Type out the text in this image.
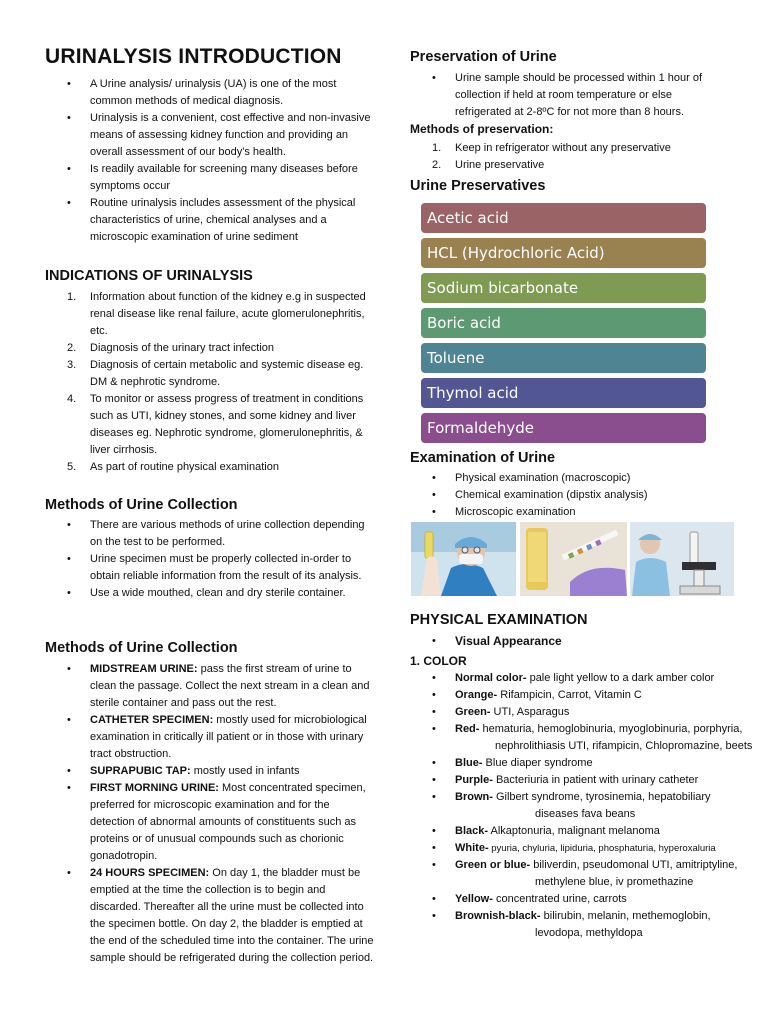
URINALYSIS INTRODUCTION
• A Urine analysis/ urinalysis (UA) is one of the most common methods of medical diagnosis.
• Urinalysis is a convenient, cost effective and non-invasive means of assessing kidney function and providing an overall assessment of our body's health.
• Is readily available for screening many diseases before symptoms occur
• Routine urinalysis includes assessment of the physical characteristics of urine, chemical analyses and a microscopic examination of urine sediment
INDICATIONS OF URINALYSIS
1. Information about function of the kidney e.g in suspected renal disease like renal failure, acute glomerulonephritis, etc.
2. Diagnosis of the urinary tract infection
3. Diagnosis of certain metabolic and systemic disease eg. DM & nephrotic syndrome.
4. To monitor or assess progress of treatment in conditions such as UTI, kidney stones, and some kidney and liver diseases eg. Nephrotic syndrome, glomerulonephritis, & liver cirrhosis.
5. As part of routine physical examination
Methods of Urine Collection
• There are various methods of urine collection depending on the test to be performed.
• Urine specimen must be properly collected in-order to obtain reliable information from the result of its analysis.
• Use a wide mouthed, clean and dry sterile container.
Methods of Urine Collection
• MIDSTREAM URINE: pass the first stream of urine to clean the passage. Collect the next stream in a clean and sterile container and pass out the rest.
• CATHETER SPECIMEN: mostly used for microbiological examination in critically ill patient or in those with urinary tract obstruction.
• SUPRAPUBIC TAP: mostly used in infants
• FIRST MORNING URINE: Most concentrated specimen, preferred for microscopic examination and for the detection of abnormal amounts of constituents such as proteins or of unusual compounds such as chorionic gonadotropin.
• 24 HOURS SPECIMEN: On day 1, the bladder must be emptied at the time the collection is to begin and discarded. Thereafter all the urine must be collected into the specimen bottle. On day 2, the bladder is emptied at the end of the scheduled time into the container. The urine sample should be refrigerated during the collection period.
Preservation of Urine
• Urine sample should be processed within 1 hour of collection if held at room temperature or else refrigerated at 2-8ºC for not more than 8 hours.
Methods of preservation:
1. Keep in refrigerator without any preservative
2. Urine preservative
Urine Preservatives
Acetic acid
HCL (Hydrochloric Acid)
Sodium bicarbonate
Boric acid
Toluene
Thymol acid
Formaldehyde
Examination of Urine
• Physical examination (macroscopic)
• Chemical examination (dipstix analysis)
• Microscopic examination
PHYSICAL EXAMINATION
• Visual Appearance
1. COLOR
• Normal color- pale light yellow to a dark amber color
• Orange- Rifampicin, Carrot, Vitamin C
• Green- UTI, Asparagus
• Red- hematuria, hemoglobinuria, myoglobinuria, porphyria,
nephrolithiasis UTI, rifampicin, Chlopromazine, beets
• Blue- Blue diaper syndrome
• Purple- Bacteriuria in patient with urinary catheter
• Brown- Gilbert syndrome, tyrosinemia, hepatobiliary
diseases fava beans
• Black- Alkaptonuria, malignant melanoma
• White- pyuria, chyluria, lipiduria, phosphaturia, hyperoxaluria
• Green or blue- biliverdin, pseudomonal UTI, amitriptyline,
methylene blue, iv promethazine
• Yellow- concentrated urine, carrots
• Brownish-black- bilirubin, melanin, methemoglobin,
levodopa, methyldopa
